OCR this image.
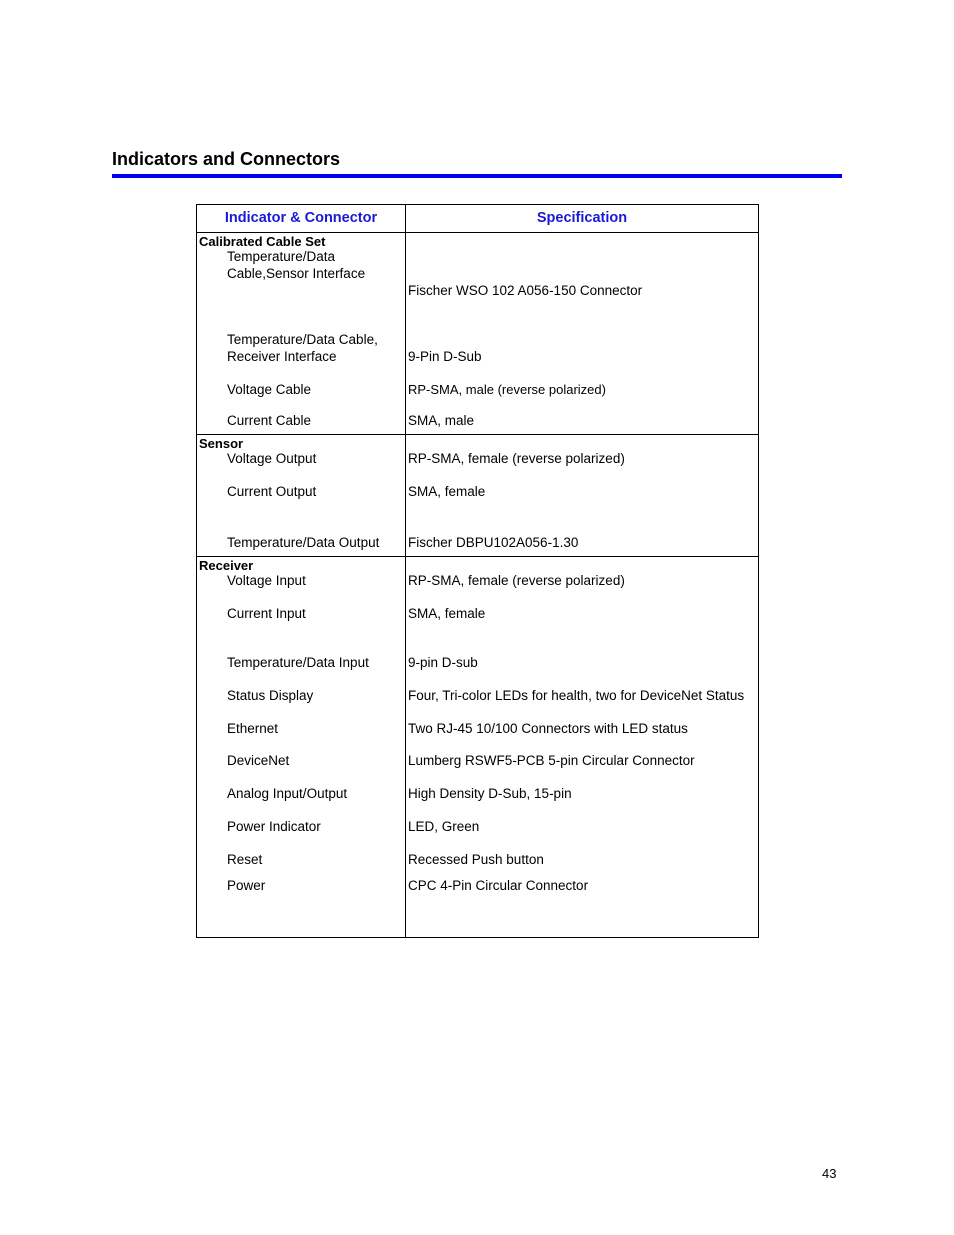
Indicators and Connectors
Indicator & Connector	Specification
Calibrated Cable Set	
Temperature/Data Cable,Sensor Interface	Fischer WSO 102 A056-150 Connector
Temperature/Data Cable, Receiver Interface	9-Pin D-Sub
Voltage Cable	RP-SMA, male (reverse polarized)
Current Cable	SMA, male
Sensor	
Voltage Output	RP-SMA, female (reverse polarized)
Current Output	SMA, female
Temperature/Data Output	Fischer DBPU102A056-1.30
Receiver	
Voltage Input	RP-SMA, female (reverse polarized)
Current Input	SMA, female
Temperature/Data Input	9-pin D-sub
Status Display	Four, Tri-color LEDs for health, two for DeviceNet Status
Ethernet	Two RJ-45 10/100 Connectors with LED status
DeviceNet	Lumberg RSWF5-PCB 5-pin Circular Connector
Analog Input/Output	High Density D-Sub, 15-pin
Power Indicator	LED, Green
Reset	Recessed Push button
Power	CPC 4-Pin Circular Connector

43
